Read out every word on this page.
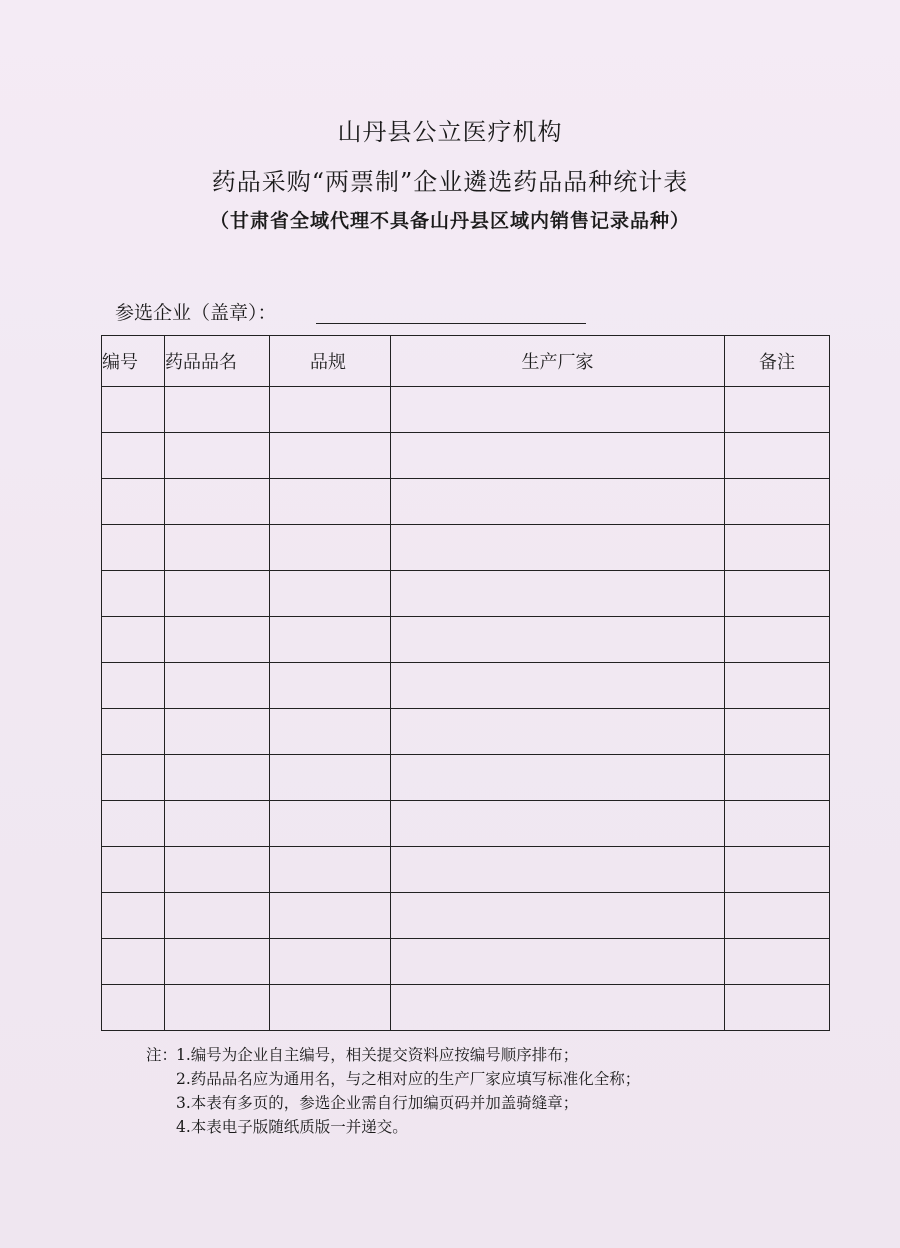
山丹县公立医疗机构
药品采购“两票制”企业遴选药品品种统计表
（甘肃省全域代理不具备山丹县区域内销售记录品种）
参选企业（盖章）：
编号	药品品名	品规	生产厂家	备注

注：1.编号为企业自主编号，相关提交资料应按编号顺序排布；
2.药品品名应为通用名，与之相对应的生产厂家应填写标准化全称；
3.本表有多页的，参选企业需自行加编页码并加盖骑缝章；
4.本表电子版随纸质版一并递交。
